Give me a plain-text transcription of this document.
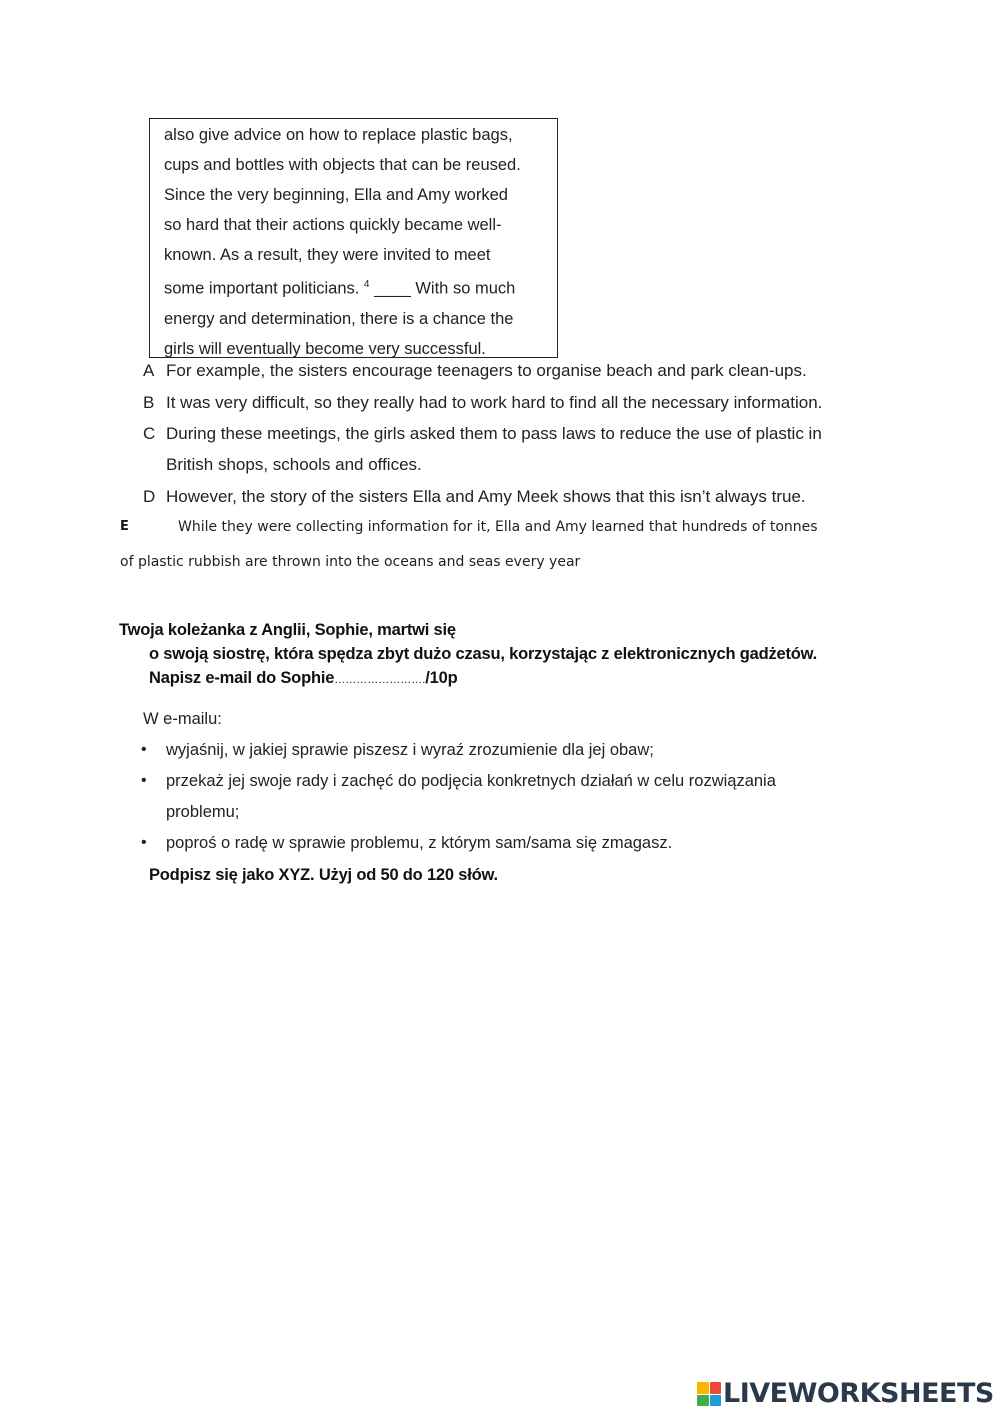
also give advice on how to replace plastic bags,
cups and bottles with objects that can be reused.
Since the very beginning, Ella and Amy worked
so hard that their actions quickly became well-
known. As a result, they were invited to meet
some important politicians. $^4$ ____ With so much
energy and determination, there is a chance the
girls will eventually become very successful.
A For example, the sisters encourage teenagers to organise beach and park clean-ups.
B It was very difficult, so they really had to work hard to find all the necessary information.
C During these meetings, the girls asked them to pass laws to reduce the use of plastic in
British shops, schools and offices.
D However, the story of the sisters Ella and Amy Meek shows that this isn’t always true.
E	While they were collecting information for it, Ella and Amy learned that hundreds of tonnes
of plastic rubbish are thrown into the oceans and seas every year
Twoja koleżanka z Anglii, Sophie, martwi się
o swoją siostrę, która spędza zbyt dużo czasu, korzystając z elektronicznych gadżetów.
Napisz e-mail do Sophie……………………./10p
W e-mailu:
• wyjaśnij, w jakiej sprawie piszesz i wyraź zrozumienie dla jej obaw;
• przekaż jej swoje rady i zachęć do podjęcia konkretnych działań w celu rozwiązania
problemu;
• poproś o radę w sprawie problemu, z którym sam/sama się zmagasz.
Podpisz się jako XYZ. Użyj od 50 do 120 słów.
LIVEWORKSHEETS
